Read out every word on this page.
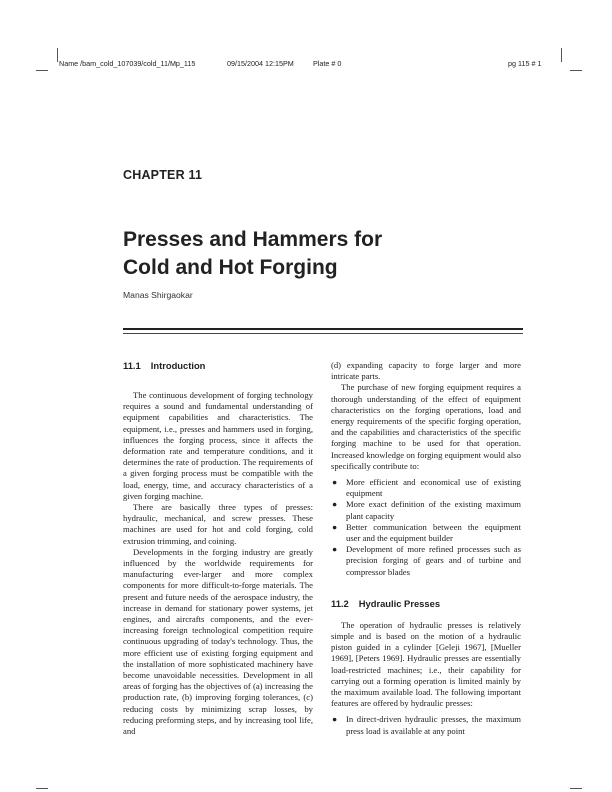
Name /bam_cold_107039/cold_11/Mp_115	09/15/2004 12:15PM	Plate # 0	pg 115 # 1
CHAPTER 11
Presses and Hammers for
Cold and Hot Forging
Manas Shirgaokar
11.1 Introduction

The continuous development of forging technology requires a sound and fundamental understanding of equipment capabilities and characteristics. The equipment, i.e., presses and hammers used in forging, influences the forging process, since it affects the deformation rate and temperature conditions, and it determines the rate of production. The requirements of a given forging process must be compatible with the load, energy, time, and accuracy characteristics of a given forging machine.

There are basically three types of presses: hydraulic, mechanical, and screw presses. These machines are used for hot and cold forging, cold extrusion trimming, and coining.

Developments in the forging industry are greatly influenced by the worldwide requirements for manufacturing ever-larger and more complex components for more difficult-to-forge materials. The present and future needs of the aerospace industry, the increase in demand for stationary power systems, jet engines, and aircrafts components, and the ever-increasing foreign technological competition require continuous upgrading of today's technology. Thus, the more efficient use of existing forging equipment and the installation of more sophisticated machinery have become unavoidable necessities. Development in all areas of forging has the objectives of (a) increasing the production rate, (b) improving forging tolerances, (c) reducing costs by minimizing scrap losses, by reducing preforming steps, and by increasing tool life, and

(d) expanding capacity to forge larger and more intricate parts.

The purchase of new forging equipment requires a thorough understanding of the effect of equipment characteristics on the forging operations, load and energy requirements of the specific forging operation, and the capabilities and characteristics of the specific forging machine to be used for that operation. Increased knowledge on forging equipment would also specifically contribute to:

● More efficient and economical use of existing equipment
● More exact definition of the existing maximum plant capacity
● Better communication between the equipment user and the equipment builder
● Development of more refined processes such as precision forging of gears and of turbine and compressor blades
11.2 Hydraulic Presses

The operation of hydraulic presses is relatively simple and is based on the motion of a hydraulic piston guided in a cylinder [Geleji 1967], [Mueller 1969], [Peters 1969]. Hydraulic presses are essentially load-restricted machines; i.e., their capability for carrying out a forming operation is limited mainly by the maximum available load. The following important features are offered by hydraulic presses:

● In direct-driven hydraulic presses, the maximum press load is available at any point
